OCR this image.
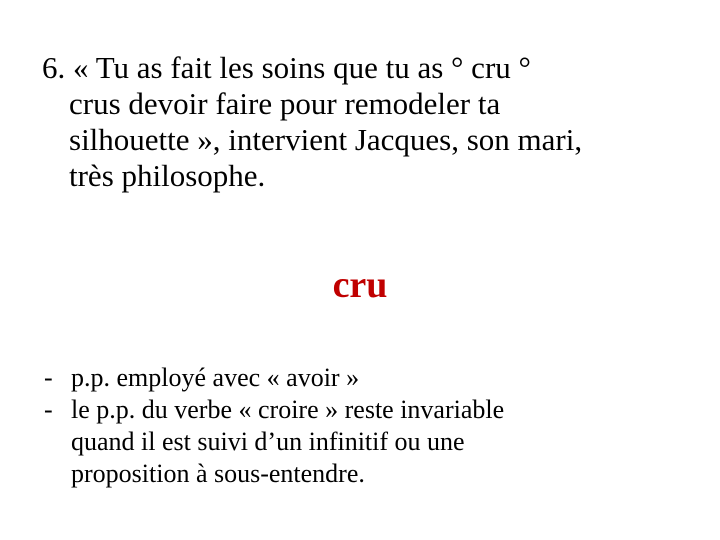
6. « Tu as fait les soins que tu as ° cru °
crus devoir faire pour remodeler ta
silhouette », intervient Jacques, son mari,
très philosophe.
cru
- p.p. employé avec « avoir »
- le p.p. du verbe « croire » reste invariable
quand il est suivi d’un infinitif ou une
proposition à sous-entendre.
